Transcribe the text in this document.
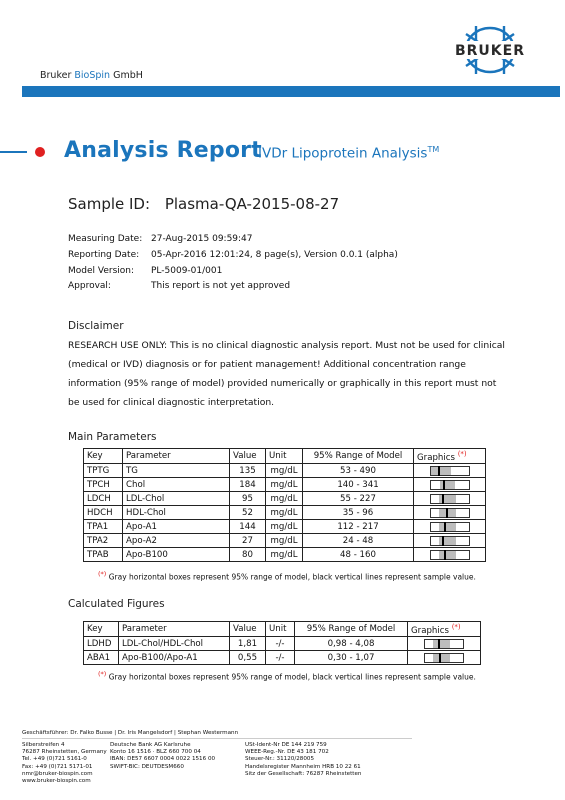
Bruker BioSpin GmbH
BRUKER
Analysis Report
IVDr Lipoprotein Analysis™
Sample ID: Plasma-QA-2015-08-27
Measuring Date: 27-Aug-2015 09:59:47
Reporting Date: 05-Apr-2016 12:01:24, 8 page(s), Version 0.0.1 (alpha)
Model Version: PL-5009-01/001
Approval:	This report is not yet approved
Disclaimer
RESEARCH USE ONLY: This is no clinical diagnostic analysis report. Must not be used for clinical (medical or IVD) diagnosis or for patient management! Additional concentration range information (95% range of model) provided numerically or graphically in this report must not be used for clinical diagnostic interpretation.
Main Parameters
Key	Parameter	Value	Unit	95% Range of Model	Graphics (*)
TPTG	TG	135	mg/dL	53 - 490	

TPCH	Chol	184	mg/dL	140 - 341	

LDCH	LDL-Chol	95	mg/dL	55 - 227	

HDCH	HDL-Chol	52	mg/dL	35 - 96	

TPA1	Apo-A1	144	mg/dL	112 - 217	

TPA2	Apo-A2	27	mg/dL	24 - 48	

TPAB	Apo-B100	80	mg/dL	48 - 160	
(*) Gray horizontal boxes represent 95% range of model, black vertical lines represent sample value.
Calculated Figures
Key	Parameter	Value	Unit	95% Range of Model	Graphics (*)
LDHD	LDL-Chol/HDL-Chol	1,81	-/-	0,98 - 4,08	

ABA1	Apo-B100/Apo-A1	0,55	-/-	0,30 - 1,07	
(*) Gray horizontal boxes represent 95% range of model, black vertical lines represent sample value.
Geschäftsführer: Dr. Falko Busse | Dr. Iris Mangelsdorf | Stephan Westermann
Silberstreifen 4
76287 Rheinstetten, Germany
Tel. +49 (0)721 5161-0
Fax: +49 (0)721 5171-01
nmr@bruker-biospin.com
www.bruker-biospin.com
Deutsche Bank AG Karlsruhe
Konto 16 1516 · BLZ 660 700 04
IBAN: DE57 6607 0004 0022 1516 00
SWIFT-BIC: DEUTDESM660
USt-Ident-Nr DE 144 219 759
WEEE-Reg.-Nr. DE 43 181 702
Steuer-Nr.: 31120/28005
Handelsregister Mannheim HRB 10 22 61
Sitz der Gesellschaft: 76287 Rheinstetten
